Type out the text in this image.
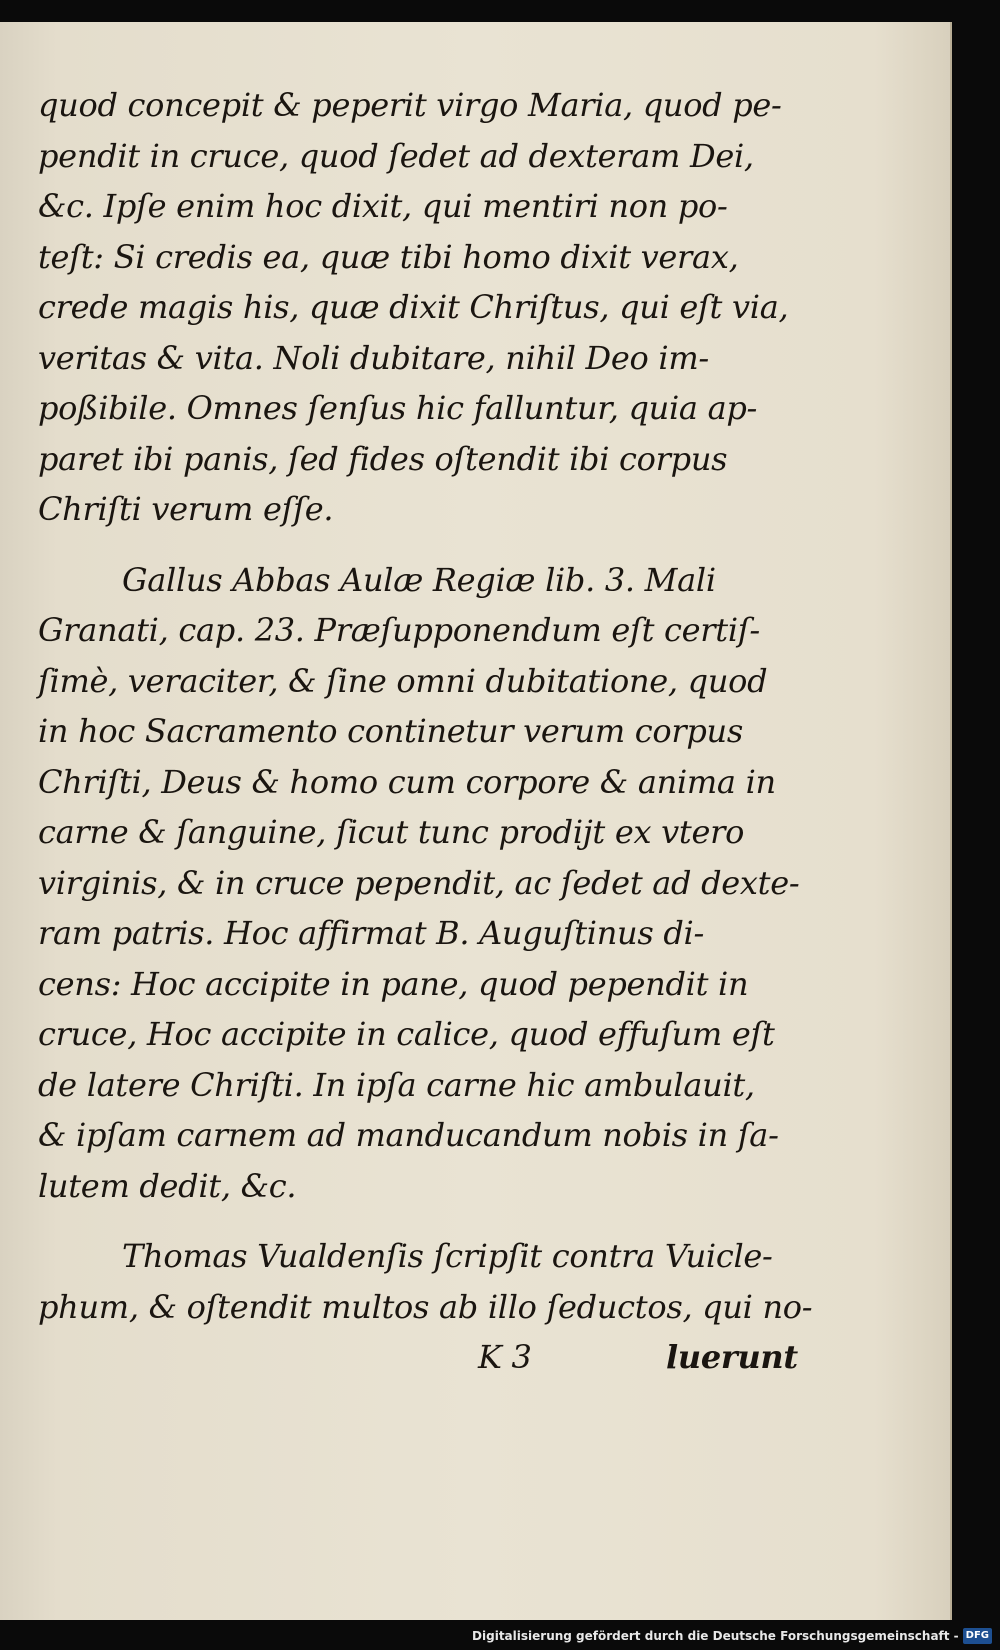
quod concepit & peperit virgo Maria, quod pe-
pendit in cruce, quod ſedet ad dexteram Dei,
&c. Ipſe enim hoc dixit, qui mentiri non po-
teſt: Si credis ea, quæ tibi homo dixit verax,
crede magis his, quæ dixit Chriſtus, qui eſt via,
veritas & vita. Noli dubitare, nihil Deo im-
poßibile. Omnes ſenſus hic falluntur, quia ap-
paret ibi panis, ſed fides oſtendit ibi corpus
Chriſti verum eſſe.
Gallus Abbas Aulæ Regiæ lib. 3. Mali
Granati, cap. 23. Præſupponendum eſt certiſ-
ſimè, veraciter, & ſine omni dubitatione, quod
in hoc Sacramento continetur verum corpus
Chriſti, Deus & homo cum corpore & anima in
carne & ſanguine, ſicut tunc prodijt ex vtero
virginis, & in cruce pependit, ac ſedet ad dexte-
ram patris. Hoc affirmat B. Auguſtinus di-
cens: Hoc accipite in pane, quod pependit in
cruce, Hoc accipite in calice, quod effuſum eſt
de latere Chriſti. In ipſa carne hic ambulauit,
& ipſam carnem ad manducandum nobis in ſa-
lutem dedit, &c.
Thomas Vualdenſis ſcripſit contra Vuicle-
phum, & oſtendit multos ab illo ſeductos, qui no-
K 3	luerunt
Digitalisierung gefördert durch die Deutsche Forschungsgemeinschaft - DFG
